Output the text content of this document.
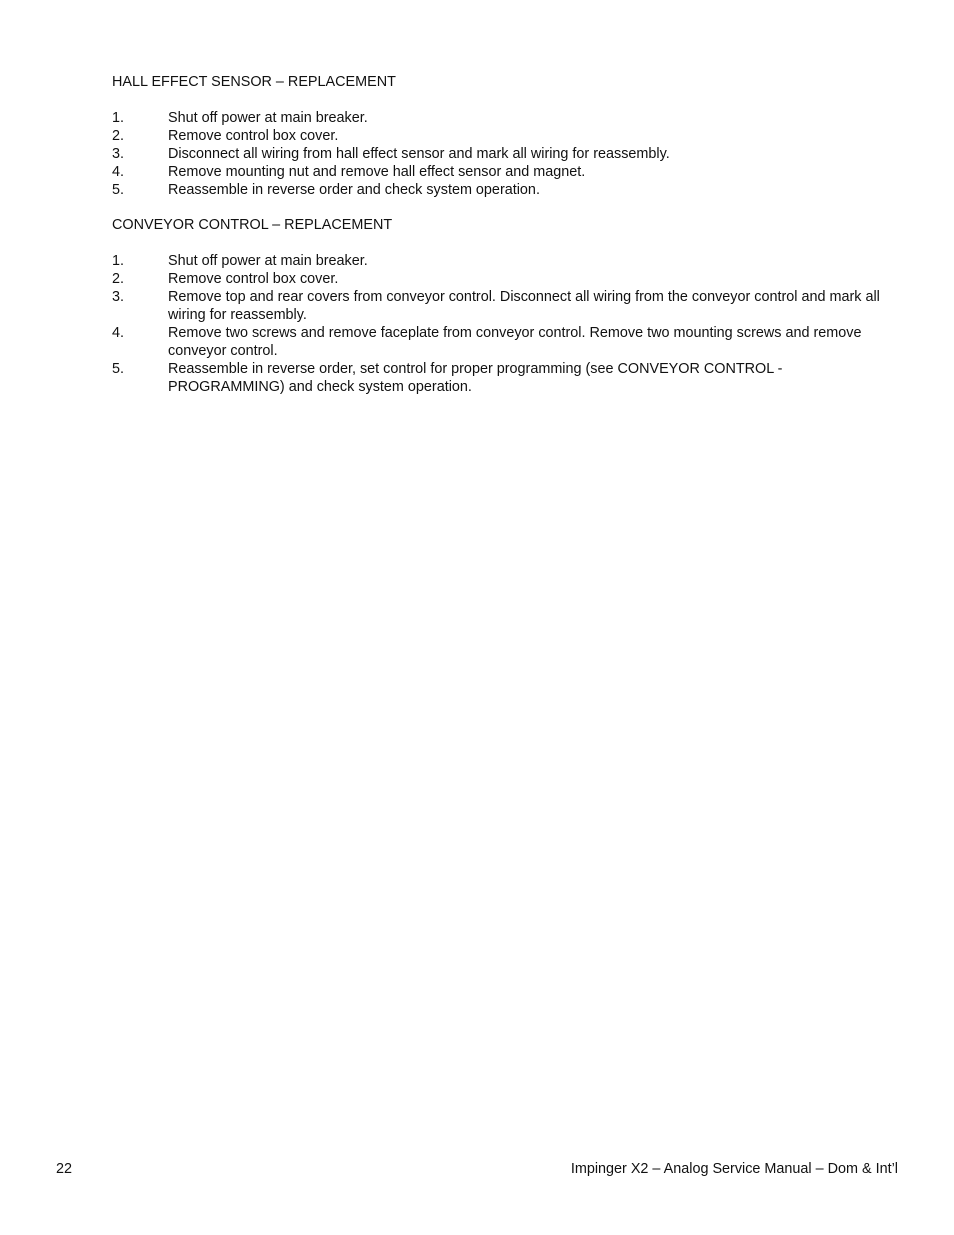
HALL EFFECT SENSOR – REPLACEMENT
1.	Shut off power at main breaker.
2.	Remove control box cover.
3.	Disconnect all wiring from hall effect sensor and mark all wiring for reassembly.
4.	Remove mounting nut and remove hall effect sensor and magnet.
5.	Reassemble in reverse order and check system operation.
CONVEYOR CONTROL – REPLACEMENT
1.	Shut off power at main breaker.
2.	Remove control box cover.
3.	Remove top and rear covers from conveyor control. Disconnect all wiring from the conveyor control and mark all wiring for reassembly.
4.	Remove two screws and remove faceplate from conveyor control. Remove two mounting screws and remove conveyor control.
5.	Reassemble in reverse order, set control for proper programming (see CONVEYOR CONTROL - PROGRAMMING) and check system operation.
22	Impinger X2 – Analog Service Manual – Dom & Int’l
